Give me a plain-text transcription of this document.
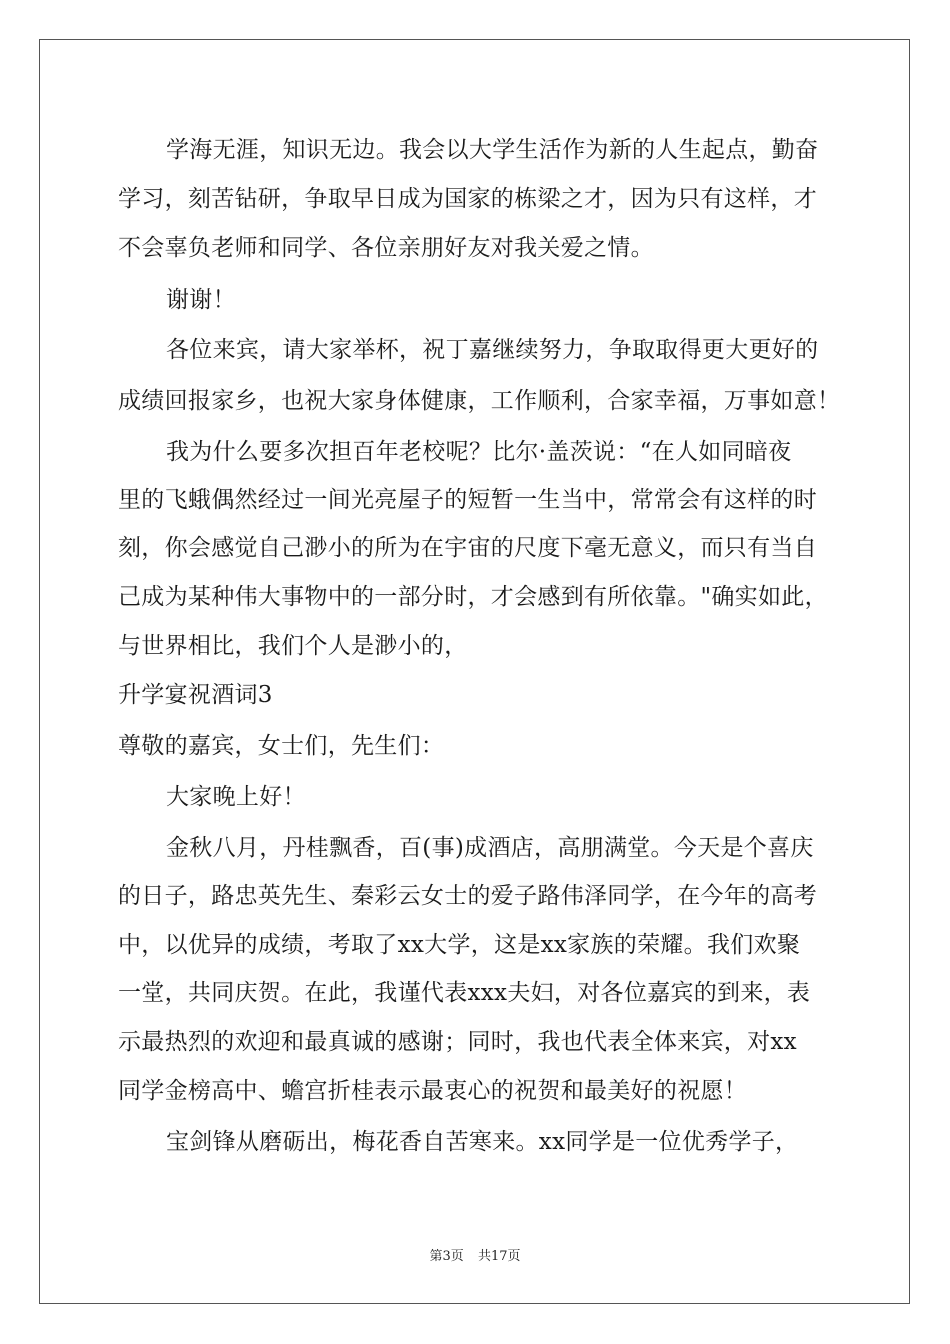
学海无涯，知识无边。我会以大学生活作为新的人生起点，勤奋
学习，刻苦钻研，争取早日成为国家的栋梁之才，因为只有这样，才
不会辜负老师和同学、各位亲朋好友对我关爱之情。
谢谢！
各位来宾，请大家举杯，祝丁嘉继续努力，争取取得更大更好的
成绩回报家乡，也祝大家身体健康，工作顺利，合家幸福，万事如意！
我为什么要多次担百年老校呢？比尔·盖茨说：“在人如同暗夜
里的飞蛾偶然经过一间光亮屋子的短暂一生当中，常常会有这样的时
刻，你会感觉自己渺小的所为在宇宙的尺度下毫无意义，而只有当自
己成为某种伟大事物中的一部分时，才会感到有所依靠。"确实如此，
与世界相比，我们个人是渺小的，
升学宴祝酒词3
尊敬的嘉宾，女士们，先生们：
大家晚上好！
金秋八月，丹桂飘香，百(事)成酒店，高朋满堂。今天是个喜庆
的日子，路忠英先生、秦彩云女士的爱子路伟泽同学，在今年的高考
中，以优异的成绩，考取了xx大学，这是xx家族的荣耀。我们欢聚
一堂，共同庆贺。在此，我谨代表xxx夫妇，对各位嘉宾的到来，表
示最热烈的欢迎和最真诚的感谢；同时，我也代表全体来宾，对xx
同学金榜高中、蟾宫折桂表示最衷心的祝贺和最美好的祝愿！
宝剑锋从磨砺出，梅花香自苦寒来。xx同学是一位优秀学子，
第3页 共17页
